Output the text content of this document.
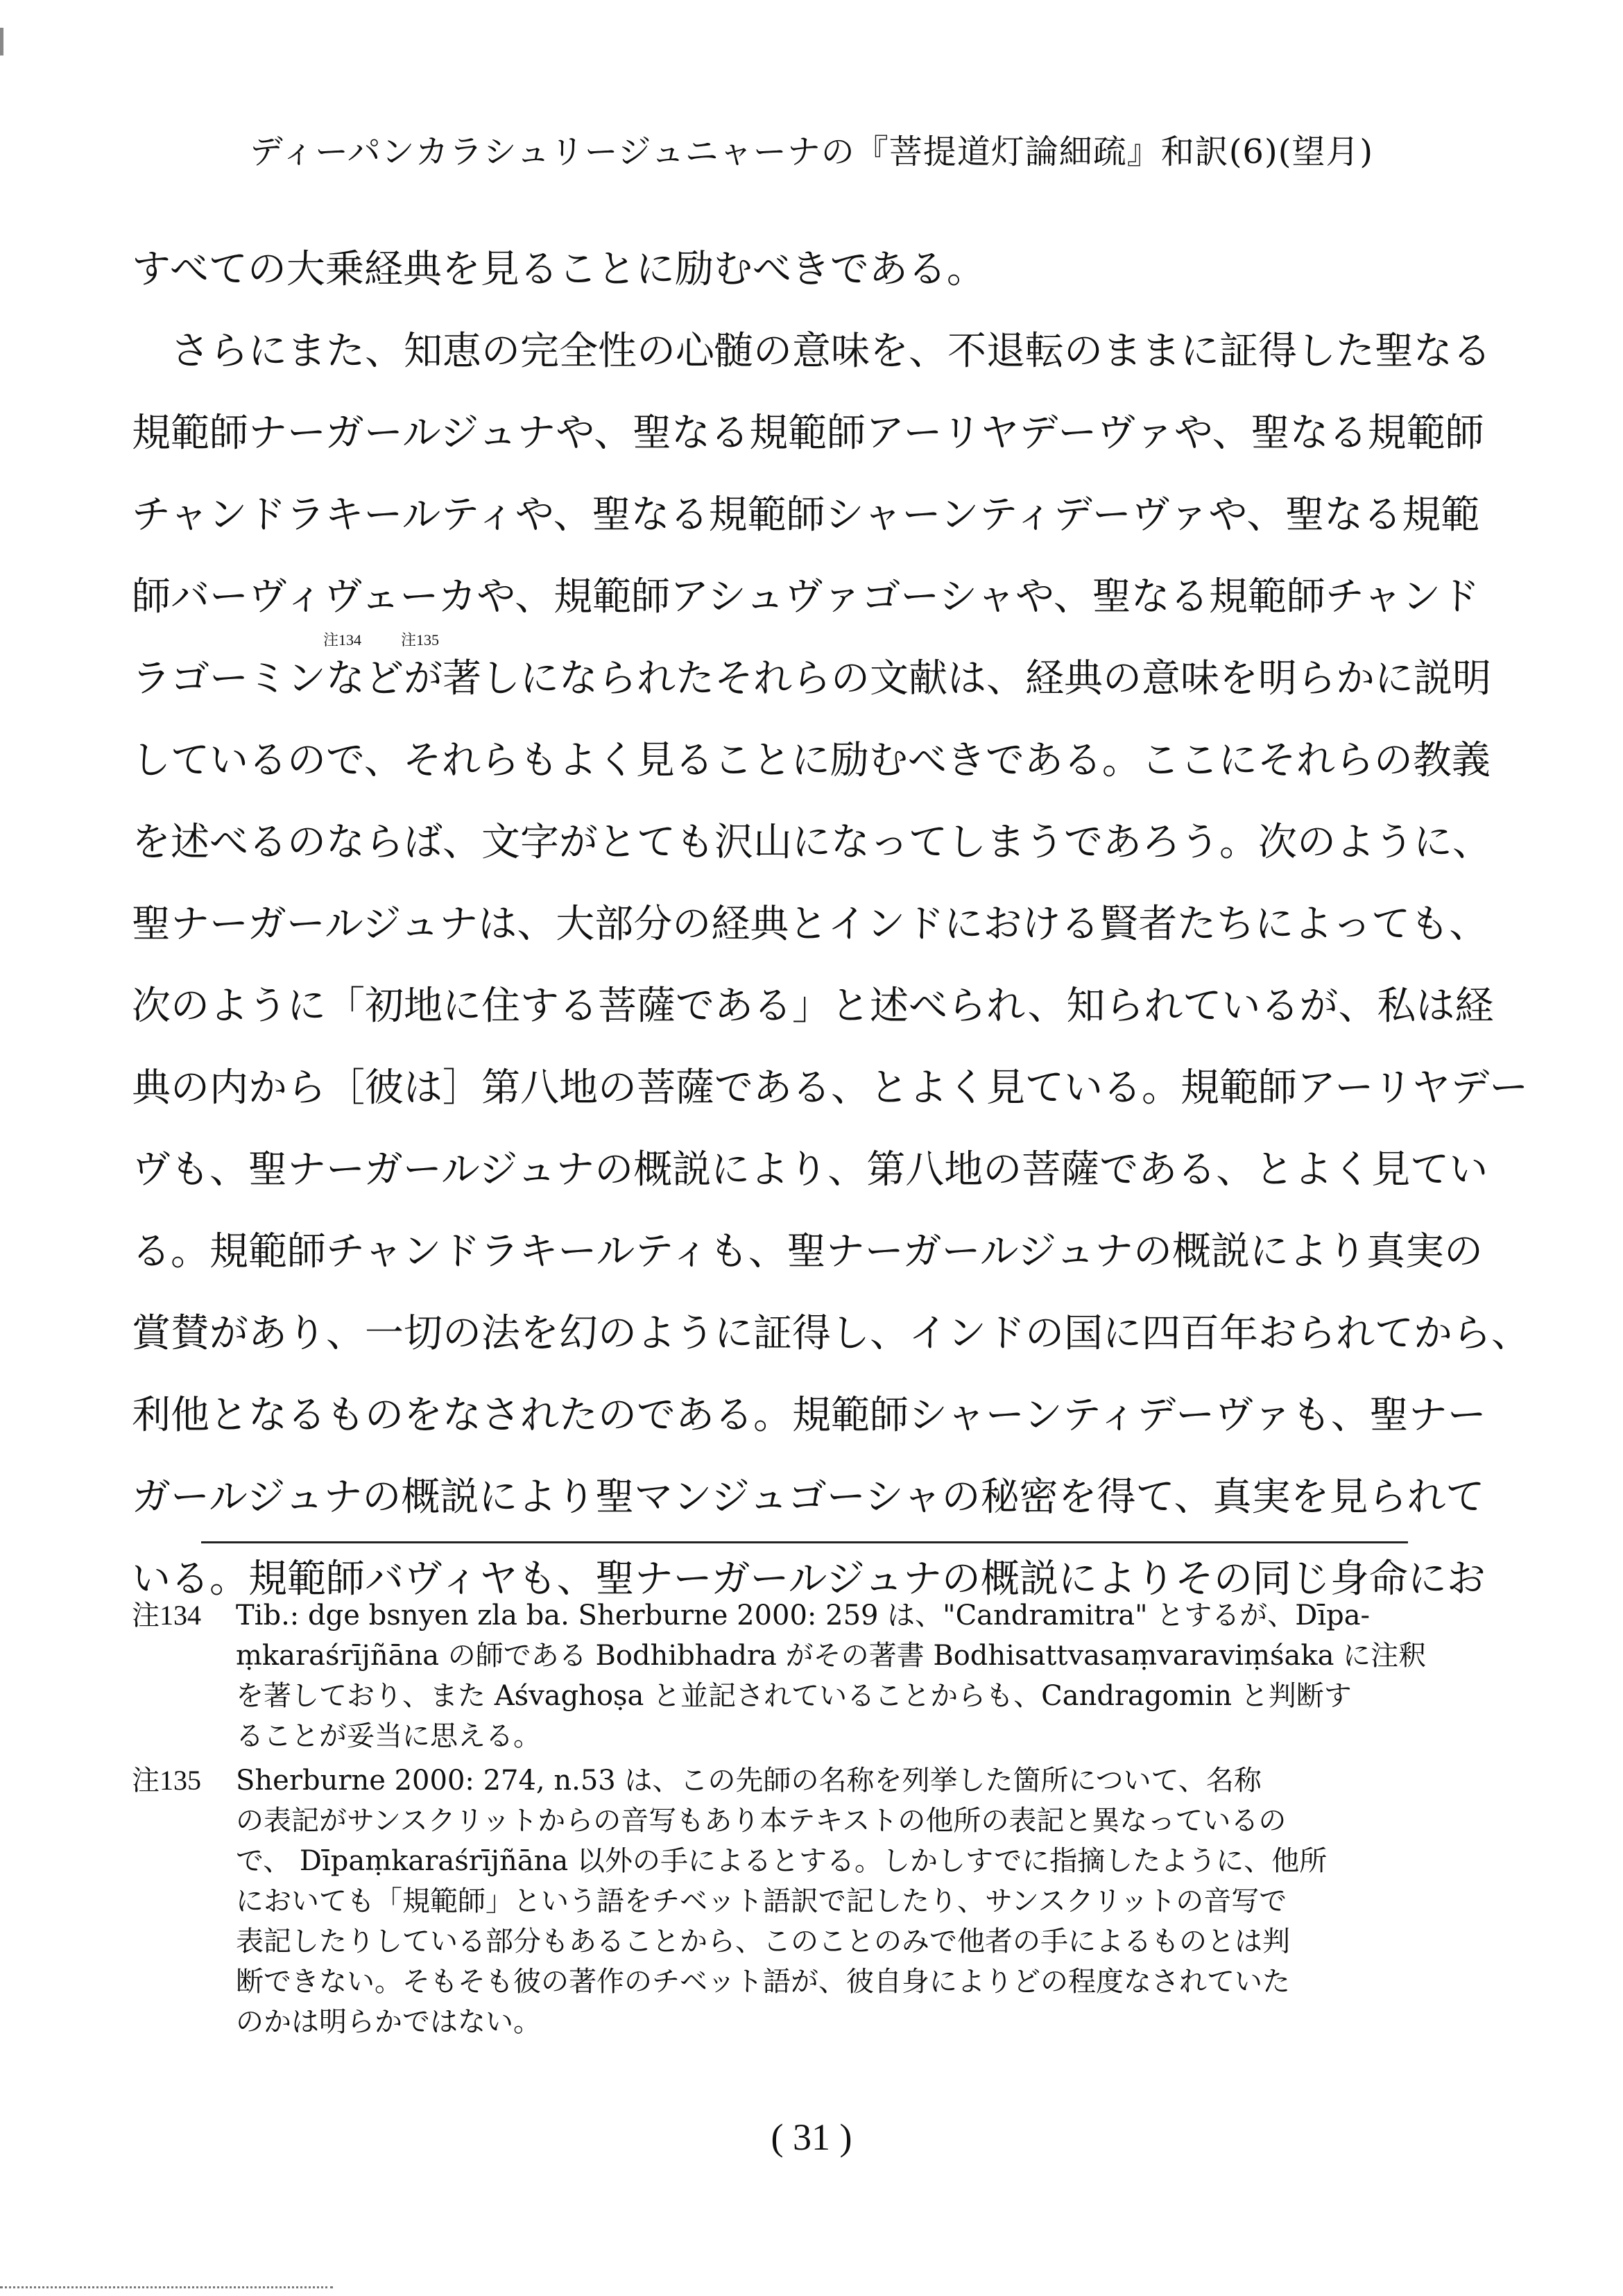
ディーパンカラシュリージュニャーナの『菩提道灯論細疏』和訳(6)(望月)
すべての大乗経典を見ることに励むべきである。
さらにまた、知恵の完全性の心髄の意味を、不退転のままに証得した聖なる
規範師ナーガールジュナや、聖なる規範師アーリヤデーヴァや、聖なる規範師
チャンドラキールティや、聖なる規範師シャーンティデーヴァや、聖なる規範
師バーヴィヴェーカや、規範師アシュヴァゴーシャや、聖なる規範師チャンド
ラゴーミン
注134
など
注135
が著しになられたそれらの文献は、経典の意味を明らかに説明
しているので、それらもよく見ることに励むべきである。ここにそれらの教義
を述べるのならば、文字がとても沢山になってしまうであろう。次のように、
聖ナーガールジュナは、大部分の経典とインドにおける賢者たちによっても、
次のように「初地に住する菩薩である」と述べられ、知られているが、私は経
典の内から［彼は］第八地の菩薩である、とよく見ている。規範師アーリヤデー
ヴも、聖ナーガールジュナの概説により、第八地の菩薩である、とよく見てい
る。規範師チャンドラキールティも、聖ナーガールジュナの概説により真実の
賞賛があり、一切の法を幻のように証得し、インドの国に四百年おられてから、
利他となるものをなされたのである。規範師シャーンティデーヴァも、聖ナー
ガールジュナの概説により聖マンジュゴーシャの秘密を得て、真実を見られて
いる。規範師バヴィヤも、聖ナーガールジュナの概説によりその同じ身命にお
注134	Tib.: dge bsnyen zla ba. Sherburne 2000: 259 は、"Candramitra" とするが、Dīpa-
ṃkaraśrījñāna の師である Bodhibhadra がその著書 Bodhisattvasaṃvaraviṃśaka に注釈
を著しており、また Aśvaghoṣa と並記されていることからも、Candragomin と判断す
ることが妥当に思える。
注135	Sherburne 2000: 274, n.53 は、この先師の名称を列挙した箇所について、名称
の表記がサンスクリットからの音写もあり本テキストの他所の表記と異なっているの
で、 Dīpaṃkaraśrījñāna 以外の手によるとする。しかしすでに指摘したように、他所
においても「規範師」という語をチベット語訳で記したり、サンスクリットの音写で
表記したりしている部分もあることから、このことのみで他者の手によるものとは判
断できない。そもそも彼の著作のチベット語が、彼自身によりどの程度なされていた
のかは明らかではない。
( 31 )
